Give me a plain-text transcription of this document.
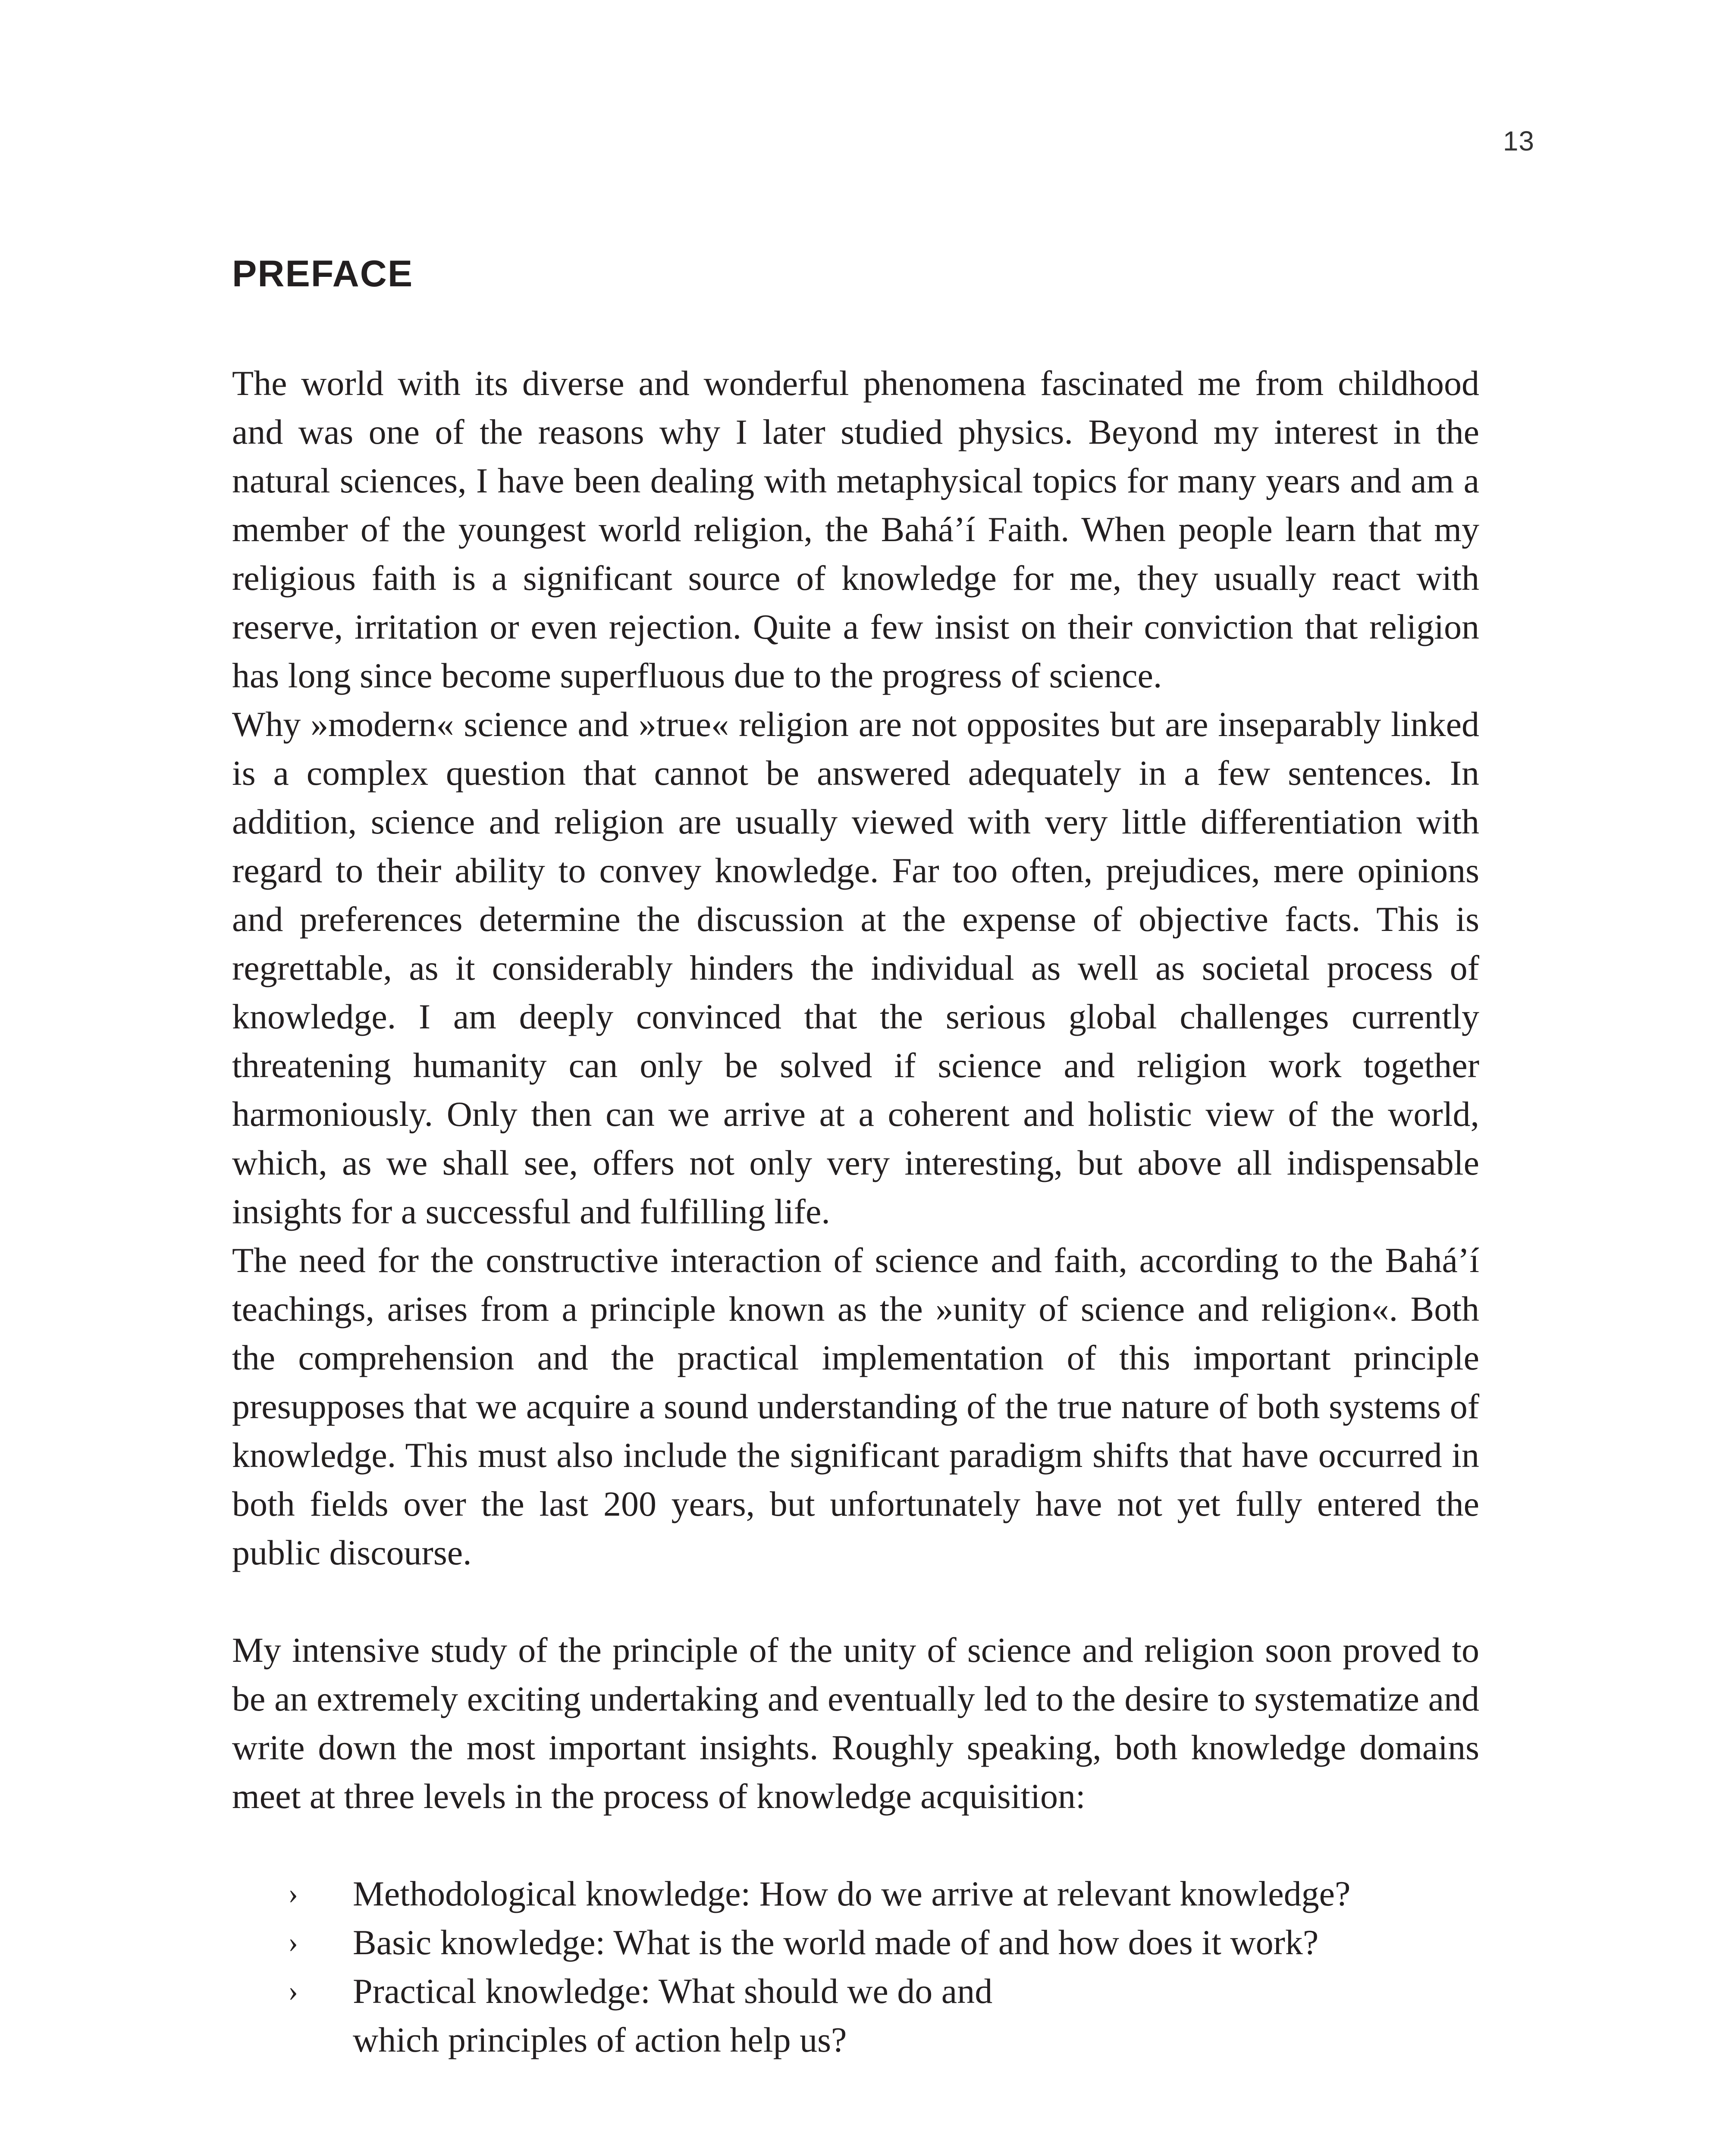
13
PREFACE

The world with its diverse and wonderful phenomena fascinated me from childhood and was one of the reasons why I later studied physics. Beyond my interest in the natural sciences, I have been dealing with metaphysical topics for many years and am a member of the youngest world religion, the Bahá’í Faith. When people learn that my religious faith is a significant source of knowledge for me, they usually react with reserve, irritation or even rejection. Quite a few insist on their conviction that religion has long since become superfluous due to the progress of science.

Why »modern« science and »true« religion are not opposites but are inseparably linked is a complex question that cannot be answered adequately in a few sentences. In addition, science and religion are usually viewed with very little differentiation with regard to their ability to convey knowledge. Far too often, prejudices, mere opinions and preferences determine the discussion at the expense of objective facts. This is regrettable, as it considerably hinders the individual as well as societal process of knowledge. I am deeply convinced that the serious global challenges currently threatening humanity can only be solved if science and religion work together harmoniously. Only then can we arrive at a coherent and holistic view of the world, which, as we shall see, offers not only very interesting, but above all indispensable insights for a successful and fulfilling life.

The need for the constructive interaction of science and faith, according to the Bahá’í teachings, arises from a principle known as the »unity of science and religion«. Both the comprehension and the practical implementation of this important principle presupposes that we acquire a sound understanding of the true nature of both systems of knowledge. This must also include the significant paradigm shifts that have occurred in both fields over the last 200 years, but unfortunately have not yet fully entered the public discourse.

My intensive study of the principle of the unity of science and religion soon proved to be an extremely exciting undertaking and eventually led to the desire to systematize and write down the most important insights. Roughly speaking, both knowledge domains meet at three levels in the process of knowledge acquisition:

› Methodological knowledge: How do we arrive at relevant knowledge?
› Basic knowledge: What is the world made of and how does it work?
› Practical knowledge: What should we do and
which principles of action help us?
